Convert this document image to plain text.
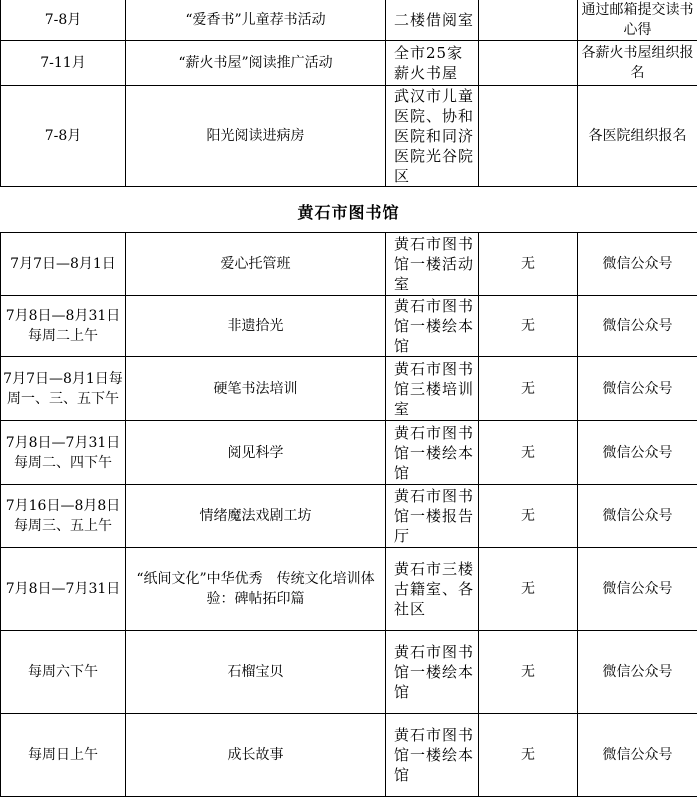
7-8月	“爱香书”儿童荐书活动	二楼借阅室		通过邮箱提交读书心得
7-11月	“薪火书屋”阅读推广活动	全市25家薪火书屋		各薪火书屋组织报名
7-8月	阳光阅读进病房	武汉市儿童医院、协和医院和同济医院光谷院区		各医院组织报名
黄石市图书馆
7月7日—8月1日	爱心托管班	黄石市图书馆一楼活动室	无	微信公众号
7月8日—8月31日每周二上午	非遗拾光	黄石市图书馆一楼绘本馆	无	微信公众号
7月7日—8月1日每周一、三、五下午	硬笔书法培训	黄石市图书馆三楼培训室	无	微信公众号
7月8日—7月31日每周二、四下午	阅见科学	黄石市图书馆一楼绘本馆	无	微信公众号
7月16日—8月8日每周三、五上午	情绪魔法戏剧工坊	黄石市图书馆一楼报告厅	无	微信公众号
7月8日—7月31日	“纸间文化”中华优秀　传统文化培训体验：碑帖拓印篇	黄石市三楼古籍室、各社区	无	微信公众号
每周六下午	石榴宝贝	黄石市图书馆一楼绘本馆	无	微信公众号
每周日上午	成长故事	黄石市图书馆一楼绘本馆	无	微信公众号
